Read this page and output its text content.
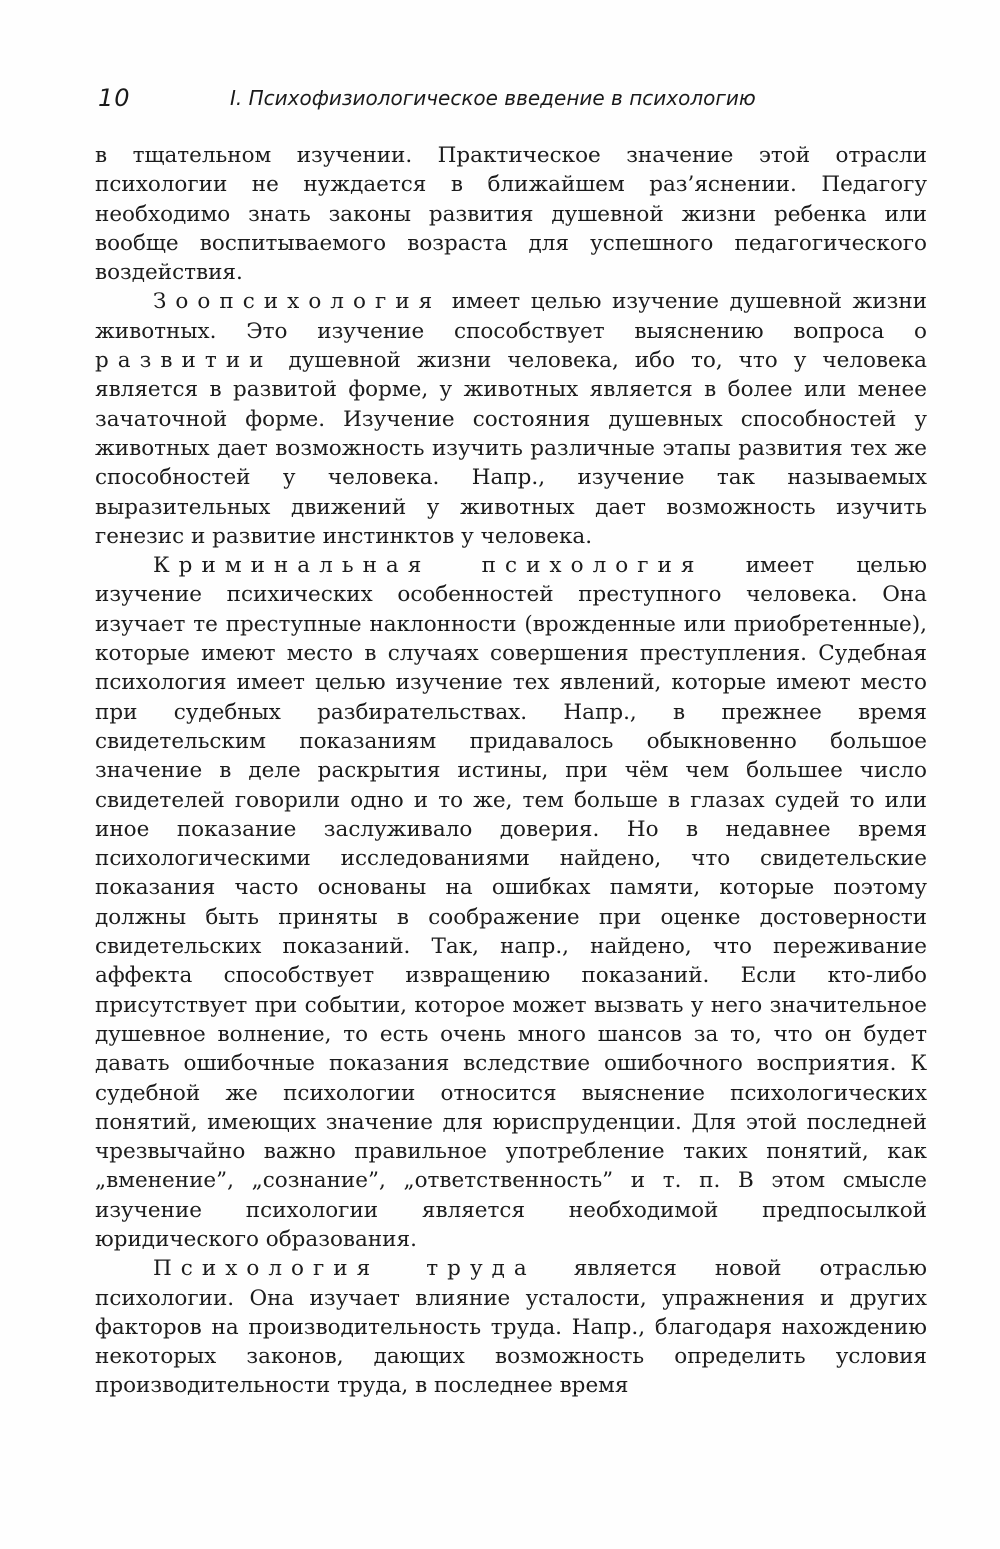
10	I. Психофизиологическое введение в психологию

в тщательном изучении. Практическое значение этой отрасли психологии не нуждается в ближайшем раз’яснении. Педагогу необходимо знать законы развития душевной жизни ребенка или вообще воспитываемого возраста для успешного педагогического воздействия.

Зоопсихология имеет целью изучение душевной жизни животных. Это изучение способствует выяснению вопроса о развитии душевной жизни человека, ибо то, что у человека является в развитой форме, у животных является в более или менее зачаточной форме. Изучение состояния душевных способностей у животных дает возможность изучить различные этапы развития тех же способностей у человека. Напр., изучение так называемых выразительных движений у животных дает возможность изучить генезис и развитие инстинктов у человека.

Криминальная психология имеет целью изучение психических особенностей преступного человека. Она изучает те преступные наклонности (врожденные или приобретенные), которые имеют место в случаях совершения преступления. Судебная психология имеет целью изучение тех явлений, которые имеют место при судебных разбирательствах. Напр., в прежнее время свидетельским показаниям придавалось обыкновенно большое значение в деле раскрытия истины, при чём чем большее число свидетелей говорили одно и то же, тем больше в глазах судей то или иное показание заслуживало доверия. Но в недавнее время психологическими исследованиями найдено, что свидетельские показания часто основаны на ошибках памяти, которые поэтому должны быть приняты в соображение при оценке достоверности свидетельских показаний. Так, напр., найдено, что переживание аффекта способствует извращению показаний. Если кто-либо присутствует при событии, которое может вызвать у него значительное душевное волнение, то есть очень много шансов за то, что он будет давать ошибочные показания вследствие ошибочного восприятия. К судебной же психологии относится выяснение психологических понятий, имеющих значение для юриспруденции. Для этой последней чрезвычайно важно правильное употребление таких понятий, как „вменение”, „сознание”, „ответственность” и т. п. В этом смысле изучение психологии является необходимой предпосылкой юридического образования.

Психология труда является новой отраслью психологии. Она изучает влияние усталости, упражнения и других факторов на производительность труда. Напр., благодаря нахождению некоторых законов, дающих возможность определить условия производительности труда, в последнее время
